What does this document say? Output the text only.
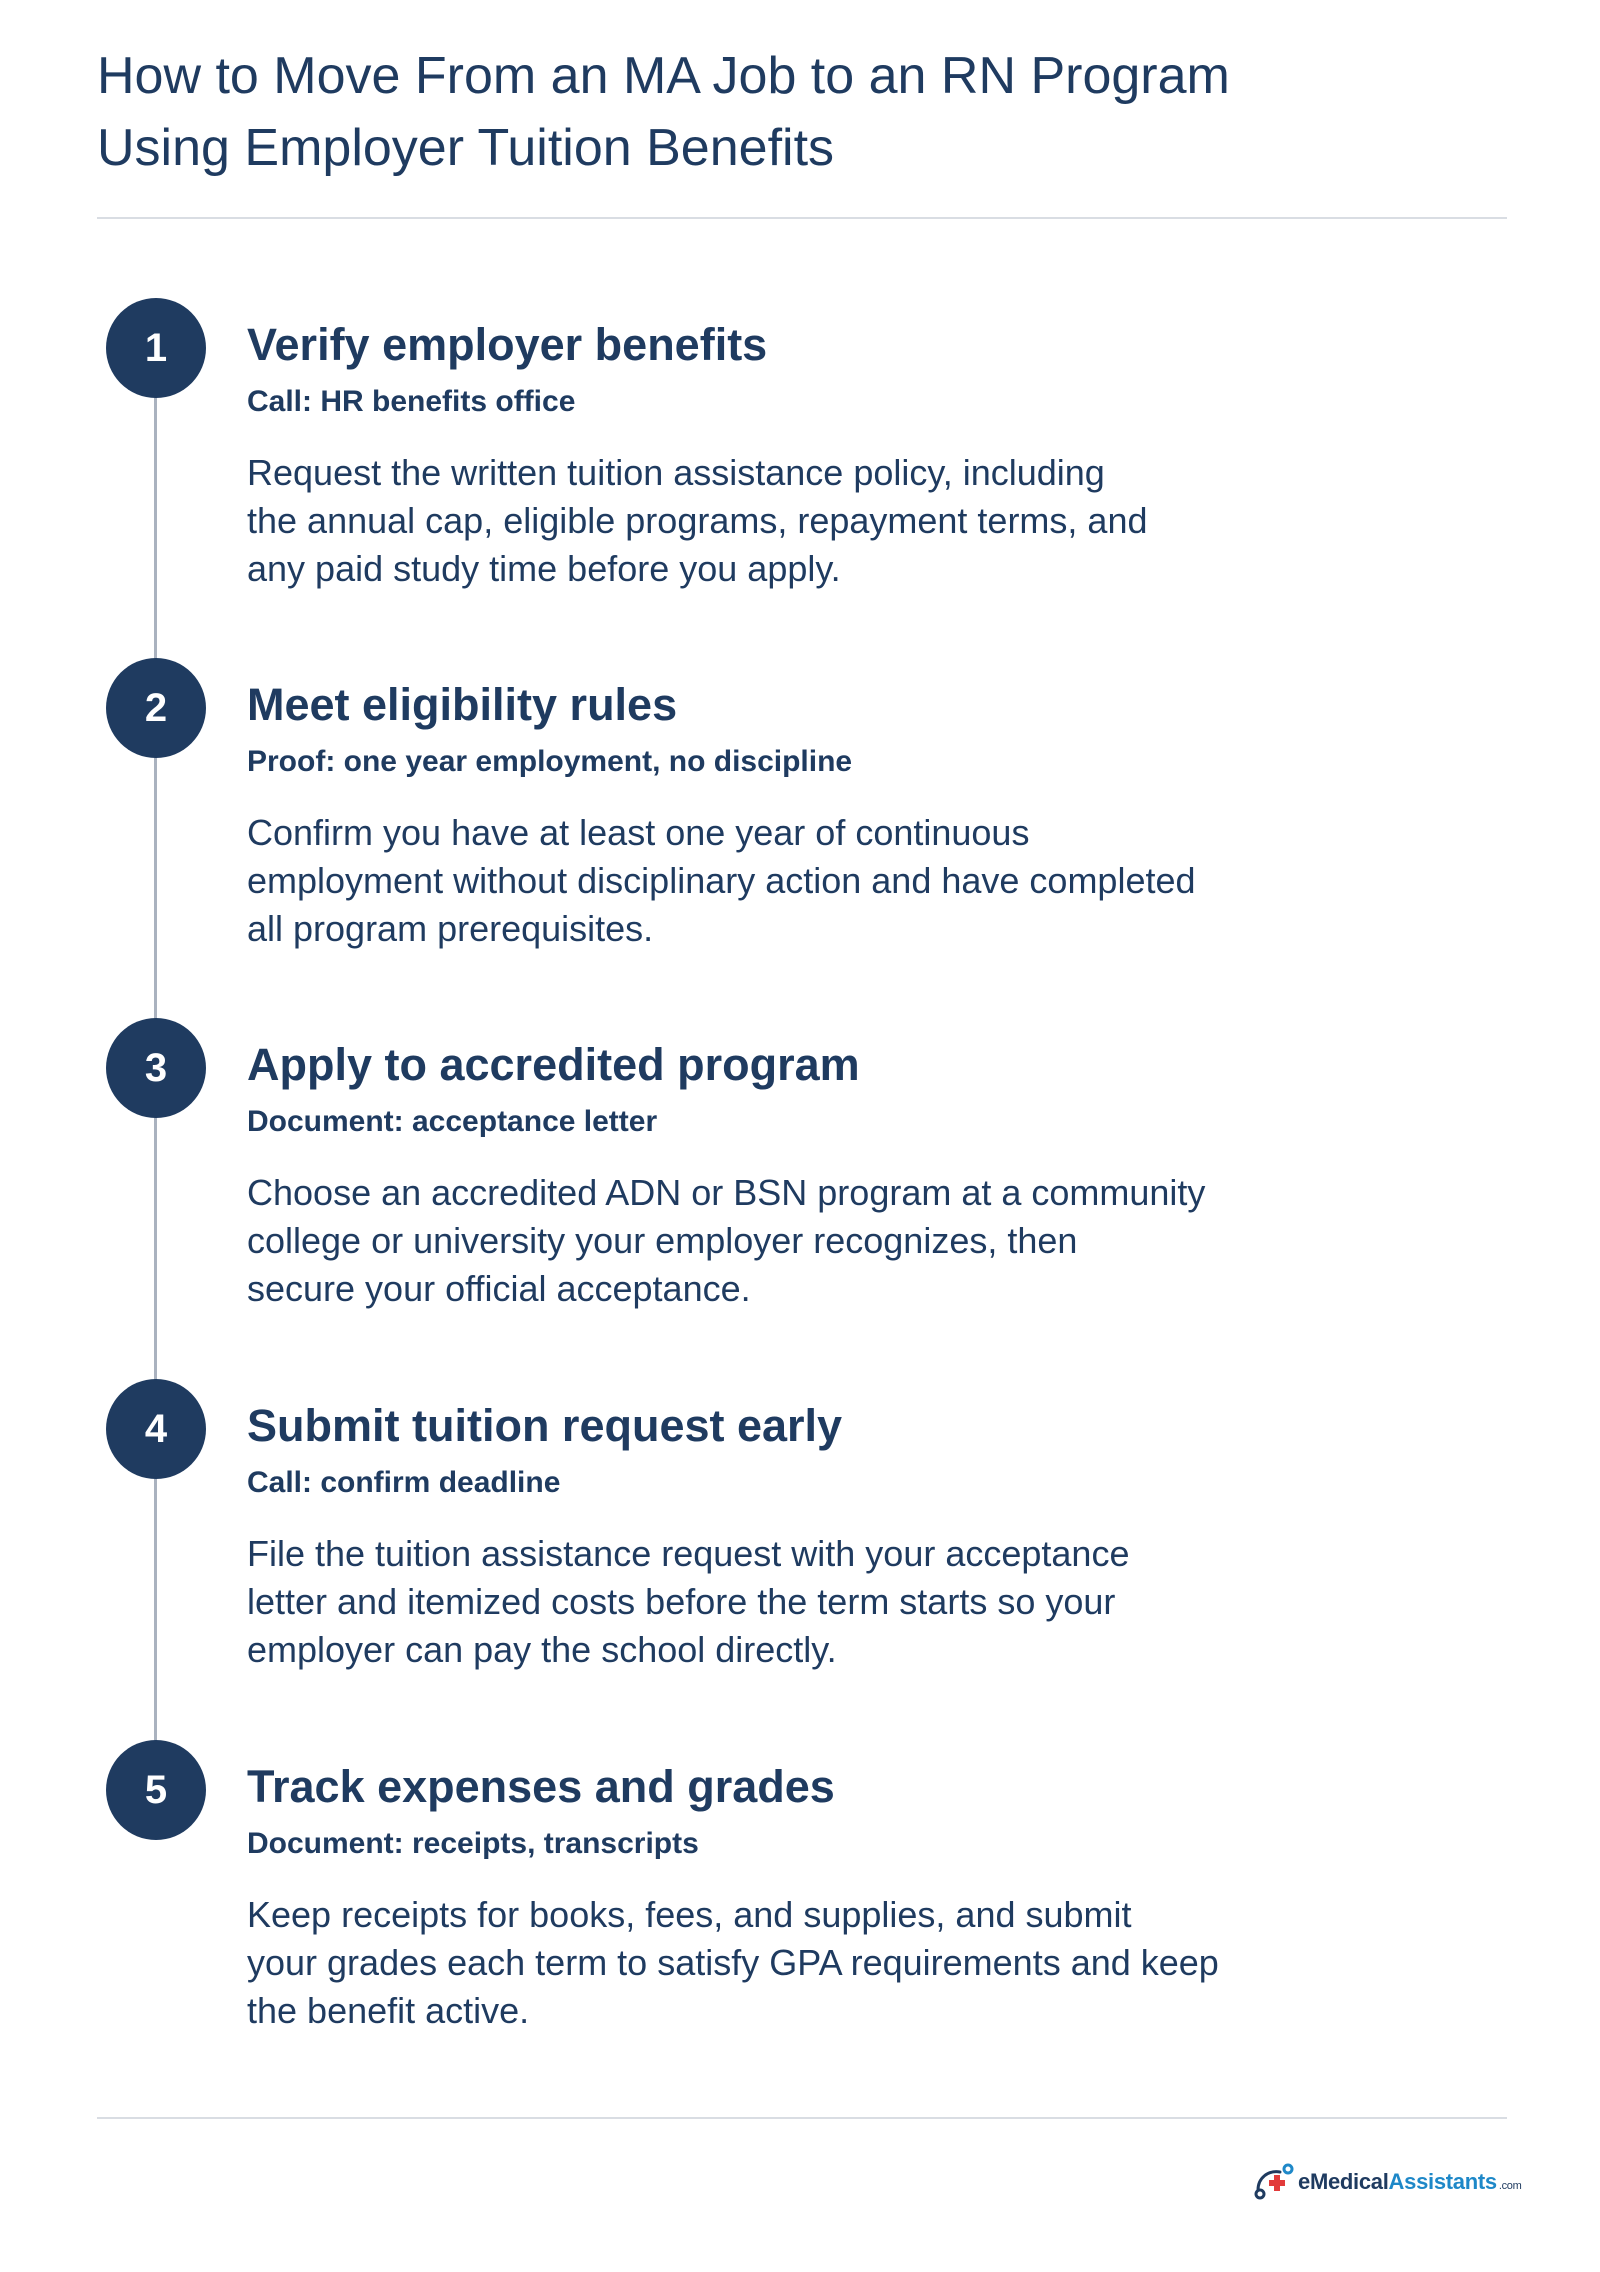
How to Move From an MA Job to an RN Program
Using Employer Tuition Benefits
1	Verify employer benefits

Call: HR benefits office

Request the written tuition assistance policy, including
the annual cap, eligible programs, repayment terms, and
any paid study time before you apply.

2	Meet eligibility rules

Proof: one year employment, no discipline

Confirm you have at least one year of continuous
employment without disciplinary action and have completed
all program prerequisites.

3	Apply to accredited program

Document: acceptance letter

Choose an accredited ADN or BSN program at a community
college or university your employer recognizes, then
secure your official acceptance.

4	Submit tuition request early

Call: confirm deadline

File the tuition assistance request with your acceptance
letter and itemized costs before the term starts so your
employer can pay the school directly.

5	Track expenses and grades

Document: receipts, transcripts

Keep receipts for books, fees, and supplies, and submit
your grades each term to satisfy GPA requirements and keep
the benefit active.

eMedicalAssistants .com
